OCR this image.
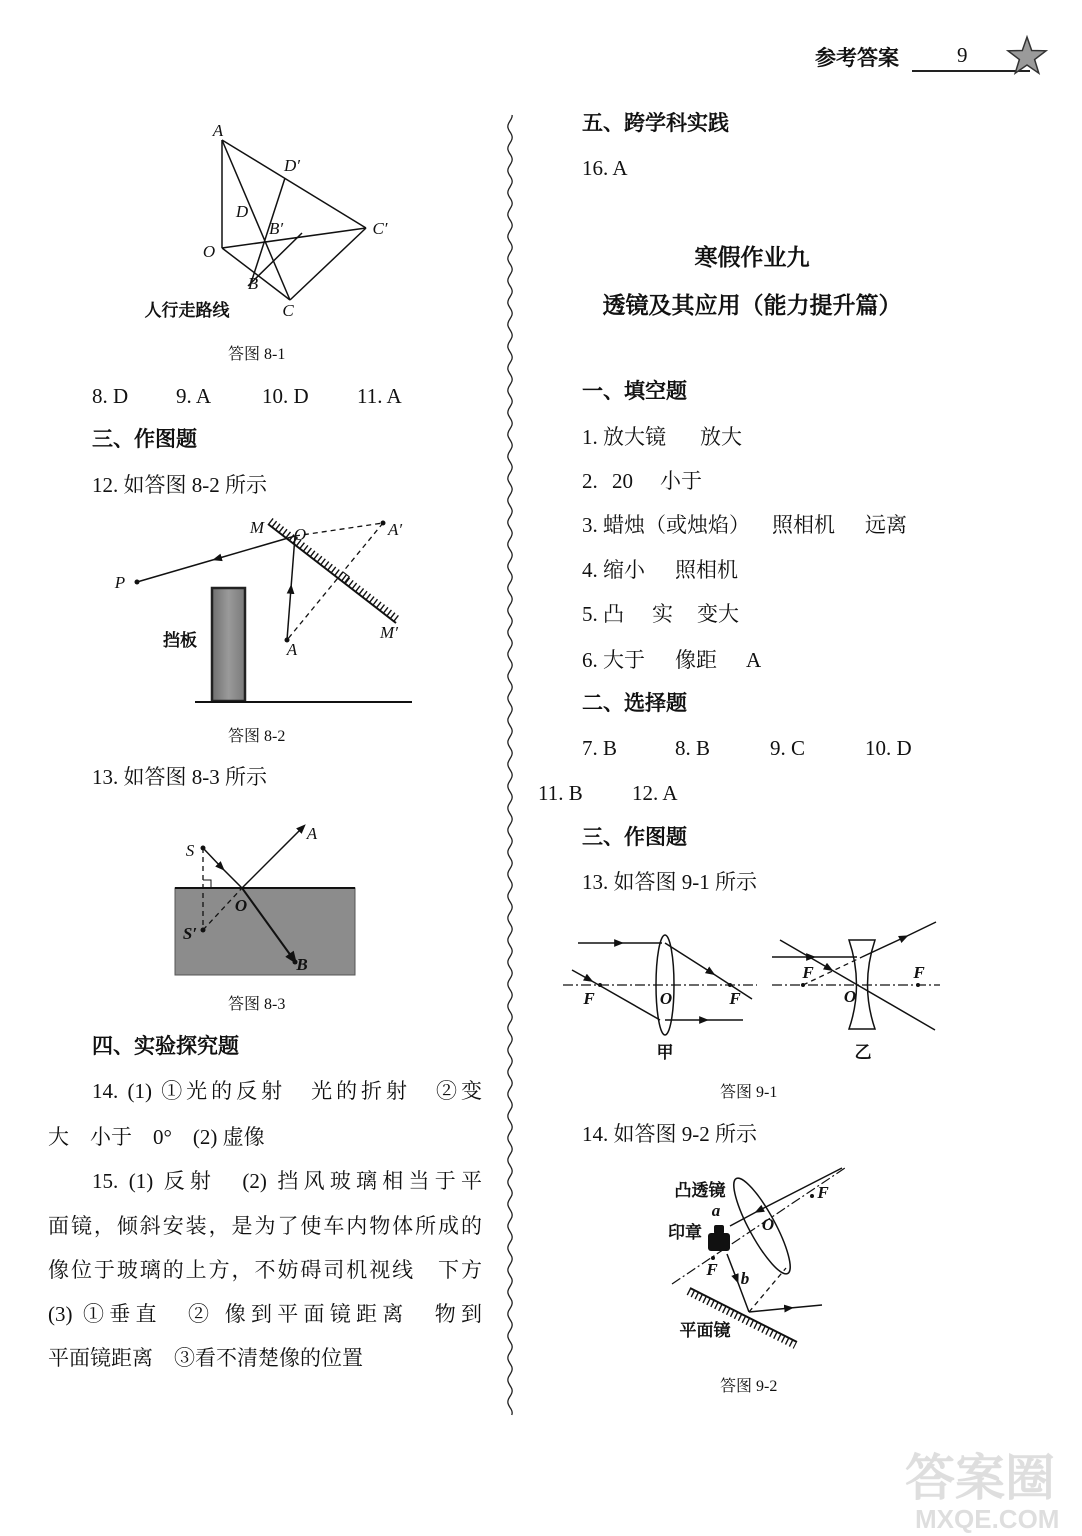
参考答案	9
答图 8-1
8. D 9. A 10. D 11. A
三、作图题
12. 如答图 8-2 所示
答图 8-2
13. 如答图 8-3 所示
答图 8-3
四、实验探究题
14. (1) ①光的反射　光的折射　②变
大　小于　0°　(2) 虚像
15. (1) 反射　(2) 挡风玻璃相当于平
面镜，倾斜安装，是为了使车内物体所成的
像位于玻璃的上方，不妨碍司机视线　下方
(3) ①垂直　② 像到平面镜距离　物到
平面镜距离　③看不清楚像的位置
五、跨学科实践
16. A
寒假作业九
透镜及其应用（能力提升篇）
一、填空题
1. 放大镜 放大
2. 20 小于
3. 蜡烛（或烛焰） 照相机 远离
4. 缩小 照相机
5. 凸 实 变大
6. 大于 像距 A
二、选择题
7. B	8. B	9. C	10. D
11. B 12. A
三、作图题
13. 如答图 9-1 所示
答图 9-1
14. 如答图 9-2 所示
答图 9-2
A
D′
D
B′	C′
O
B
C
人行走路线
M O	A′
P
挡板	A
M′
S
A
O
S′
B
F	O	F
甲
F
O
F
乙
凸透镜
a
O
F
印章
F b
平面镜
答案圈
MXQE.COM
